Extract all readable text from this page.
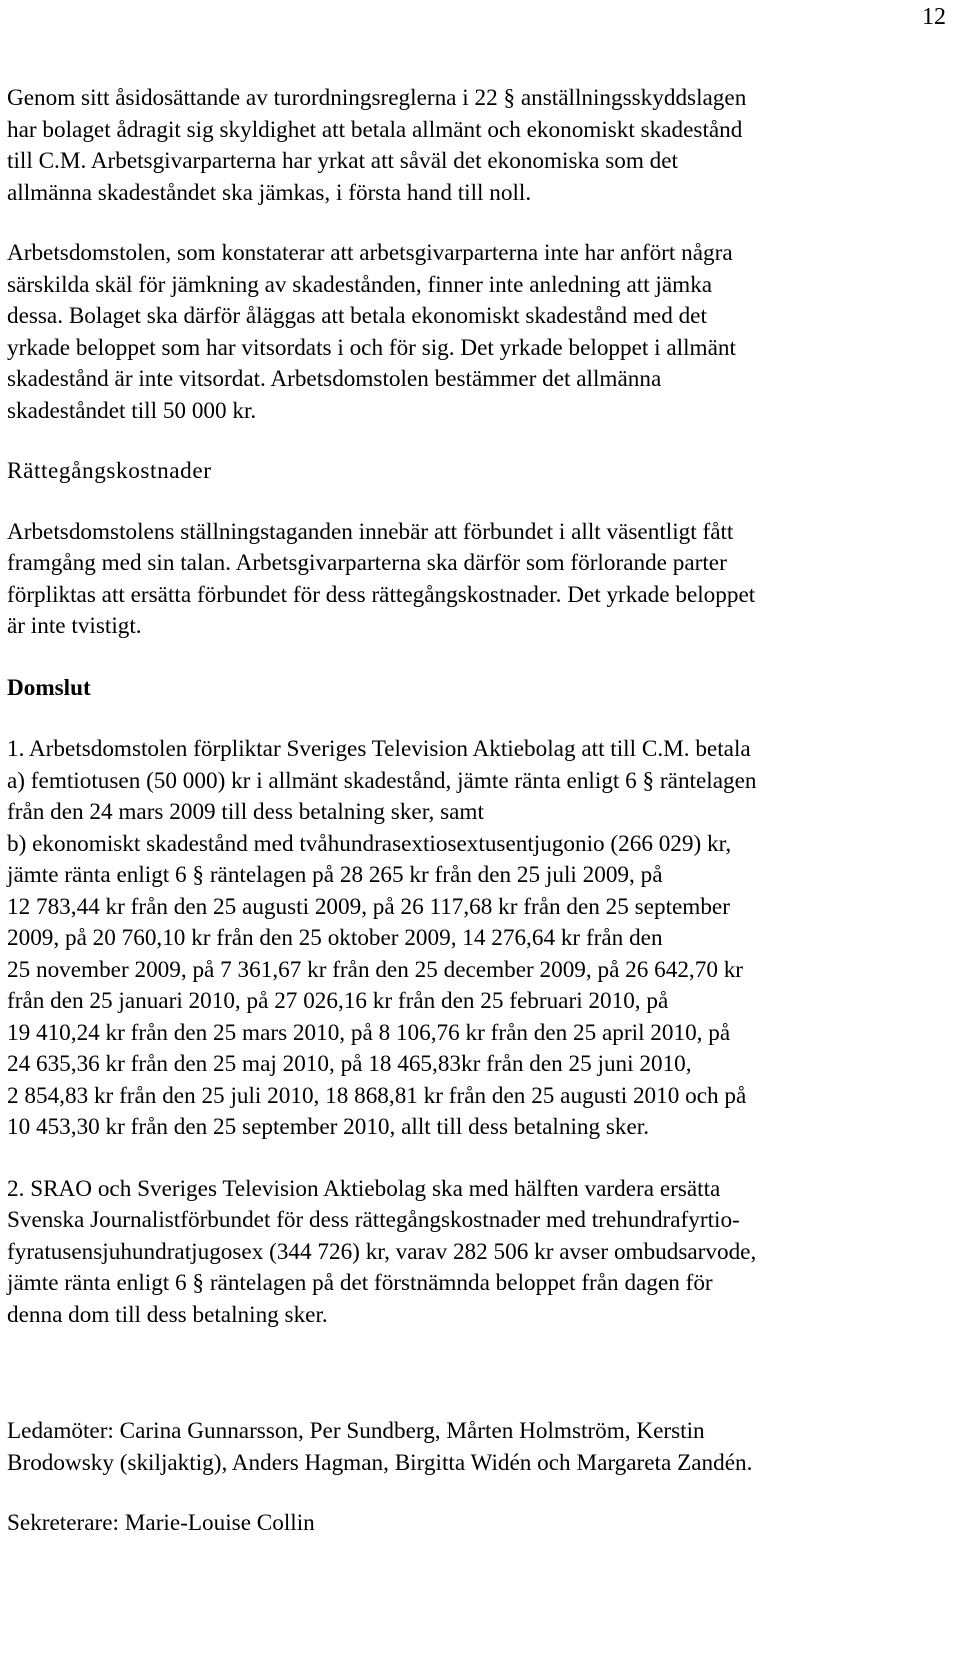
12

Genom sitt åsidosättande av turordningsreglerna i 22 § anställningsskyddslagen
har bolaget ådragit sig skyldighet att betala allmänt och ekonomiskt skadestånd
till C.M. Arbetsgivarparterna har yrkat att såväl det ekonomiska som det
allmänna skadeståndet ska jämkas, i första hand till noll.

Arbetsdomstolen, som konstaterar att arbetsgivarparterna inte har anfört några
särskilda skäl för jämkning av skadestånden, finner inte anledning att jämka
dessa. Bolaget ska därför åläggas att betala ekonomiskt skadestånd med det
yrkade beloppet som har vitsordats i och för sig. Det yrkade beloppet i allmänt
skadestånd är inte vitsordat. Arbetsdomstolen bestämmer det allmänna
skadeståndet till 50 000 kr.

Rättegångskostnader

Arbetsdomstolens ställningstaganden innebär att förbundet i allt väsentligt fått
framgång med sin talan. Arbetsgivarparterna ska därför som förlorande parter
förpliktas att ersätta förbundet för dess rättegångskostnader. Det yrkade beloppet
är inte tvistigt.

Domslut

1. Arbetsdomstolen förpliktar Sveriges Television Aktiebolag att till C.M. betala
a) femtiotusen (50 000) kr i allmänt skadestånd, jämte ränta enligt 6 § räntelagen
från den 24 mars 2009 till dess betalning sker, samt
b) ekonomiskt skadestånd med tvåhundrasextiosextusentjugonio (266 029) kr,
jämte ränta enligt 6 § räntelagen på 28 265 kr från den 25 juli 2009, på
12 783,44 kr från den 25 augusti 2009, på 26 117,68 kr från den 25 september
2009, på 20 760,10 kr från den 25 oktober 2009, 14 276,64 kr från den
25 november 2009, på 7 361,67 kr från den 25 december 2009, på 26 642,70 kr
från den 25 januari 2010, på 27 026,16 kr från den 25 februari 2010, på
19 410,24 kr från den 25 mars 2010, på 8 106,76 kr från den 25 april 2010, på
24 635,36 kr från den 25 maj 2010, på 18 465,83kr från den 25 juni 2010,
2 854,83 kr från den 25 juli 2010, 18 868,81 kr från den 25 augusti 2010 och på
10 453,30 kr från den 25 september 2010, allt till dess betalning sker.

2. SRAO och Sveriges Television Aktiebolag ska med hälften vardera ersätta
Svenska Journalistförbundet för dess rättegångskostnader med trehundrafyrtio-
fyratusensjuhundratjugosex (344 726) kr, varav 282 506 kr avser ombudsarvode,
jämte ränta enligt 6 § räntelagen på det förstnämnda beloppet från dagen för
denna dom till dess betalning sker.

Ledamöter: Carina Gunnarsson, Per Sundberg, Mårten Holmström, Kerstin
Brodowsky (skiljaktig), Anders Hagman, Birgitta Widén och Margareta Zandén.

Sekreterare: Marie-Louise Collin
